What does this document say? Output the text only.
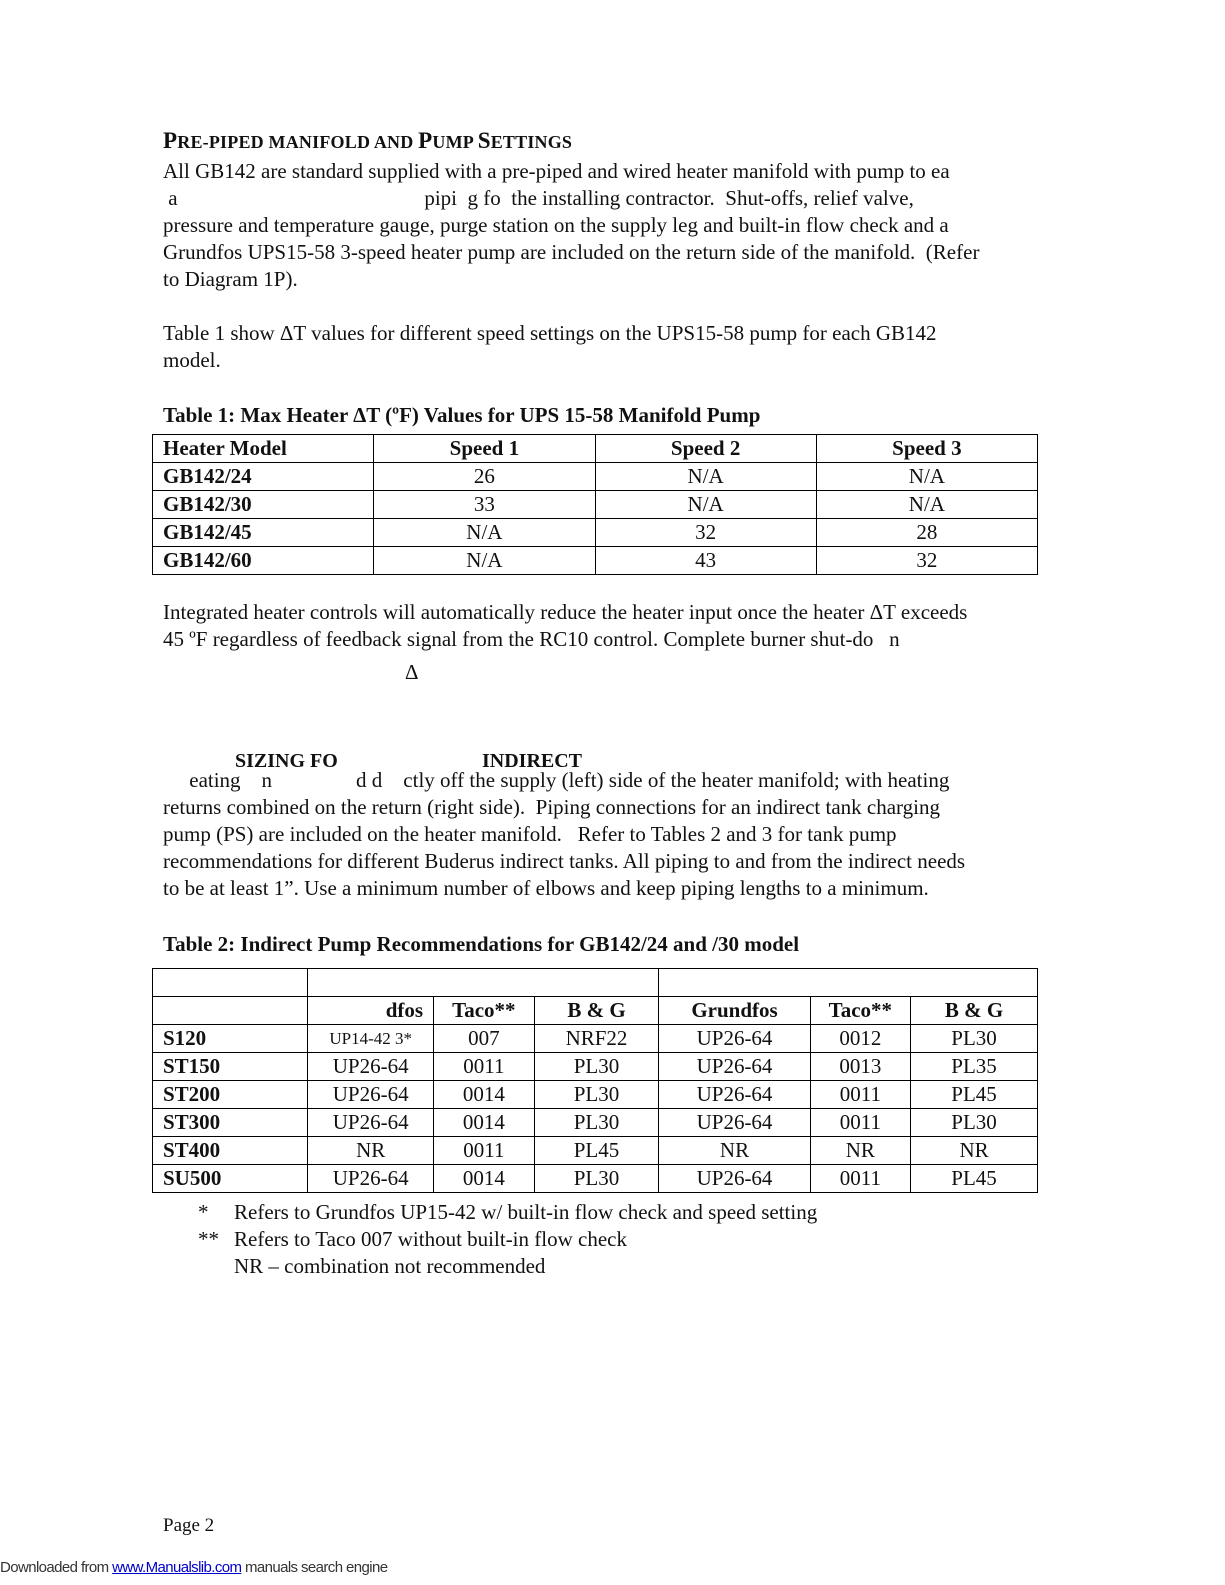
PRE-PIPED MANIFOLD AND PUMP SETTINGS

All GB142 are standard supplied with a pre-piped and wired heater manifold with pump to ea
a                                               pipi  g fo  the installing contractor.  Shut-offs, relief valve,
pressure and temperature gauge, purge station on the supply leg and built-in flow check and a
Grundfos UPS15-58 3-speed heater pump are included on the return side of the manifold.  (Refer
to Diagram 1P).

Table 1 show ΔT values for different speed settings on the UPS15-58 pump for each GB142
model.

Table 1: Max Heater ΔT (ºF) Values for UPS 15-58 Manifold Pump

Heater Model	Speed 1	Speed 2	Speed 3
GB142/24	26	N/A	N/A
GB142/30	33	N/A	N/A
GB142/45	N/A	32	28
GB142/60	N/A	43	32

Integrated heater controls will automatically reduce the heater input once the heater ΔT exceeds
45 ºF regardless of feedback signal from the RC10 control. Complete burner shut-do   n

Δ

SIZING FO	INDIRECT

eating    n                d d    ctly off the supply (left) side of the heater manifold; with heating
returns combined on the return (right side).  Piping connections for an indirect tank charging
pump (PS) are included on the heater manifold.   Refer to Tables 2 and 3 for tank pump
recommendations for different Buderus indirect tanks. All piping to and from the indirect needs
to be at least 1”. Use a minimum number of elbows and keep piping lengths to a minimum.

Table 2: Indirect Pump Recommendations for GB142/24 and /30 model

	dfos	Taco**	B & G	Grundfos	Taco**	B & G
S120	UP14-42 3*	007	NRF22	UP26-64	0012	PL30
ST150	UP26-64	0011	PL30	UP26-64	0013	PL35
ST200	UP26-64	0014	PL30	UP26-64	0011	PL45
ST300	UP26-64	0014	PL30	UP26-64	0011	PL30
ST400	NR	0011	PL45	NR	NR	NR
SU500	UP26-64	0014	PL30	UP26-64	0011	PL45
*	Refers to Grundfos UP15-42 w/ built-in flow check and speed setting
** Refers to Taco 007 without built-in flow check
NR – combination not recommended
Page 2
Downloaded from www.Manualslib.com manuals search engine
